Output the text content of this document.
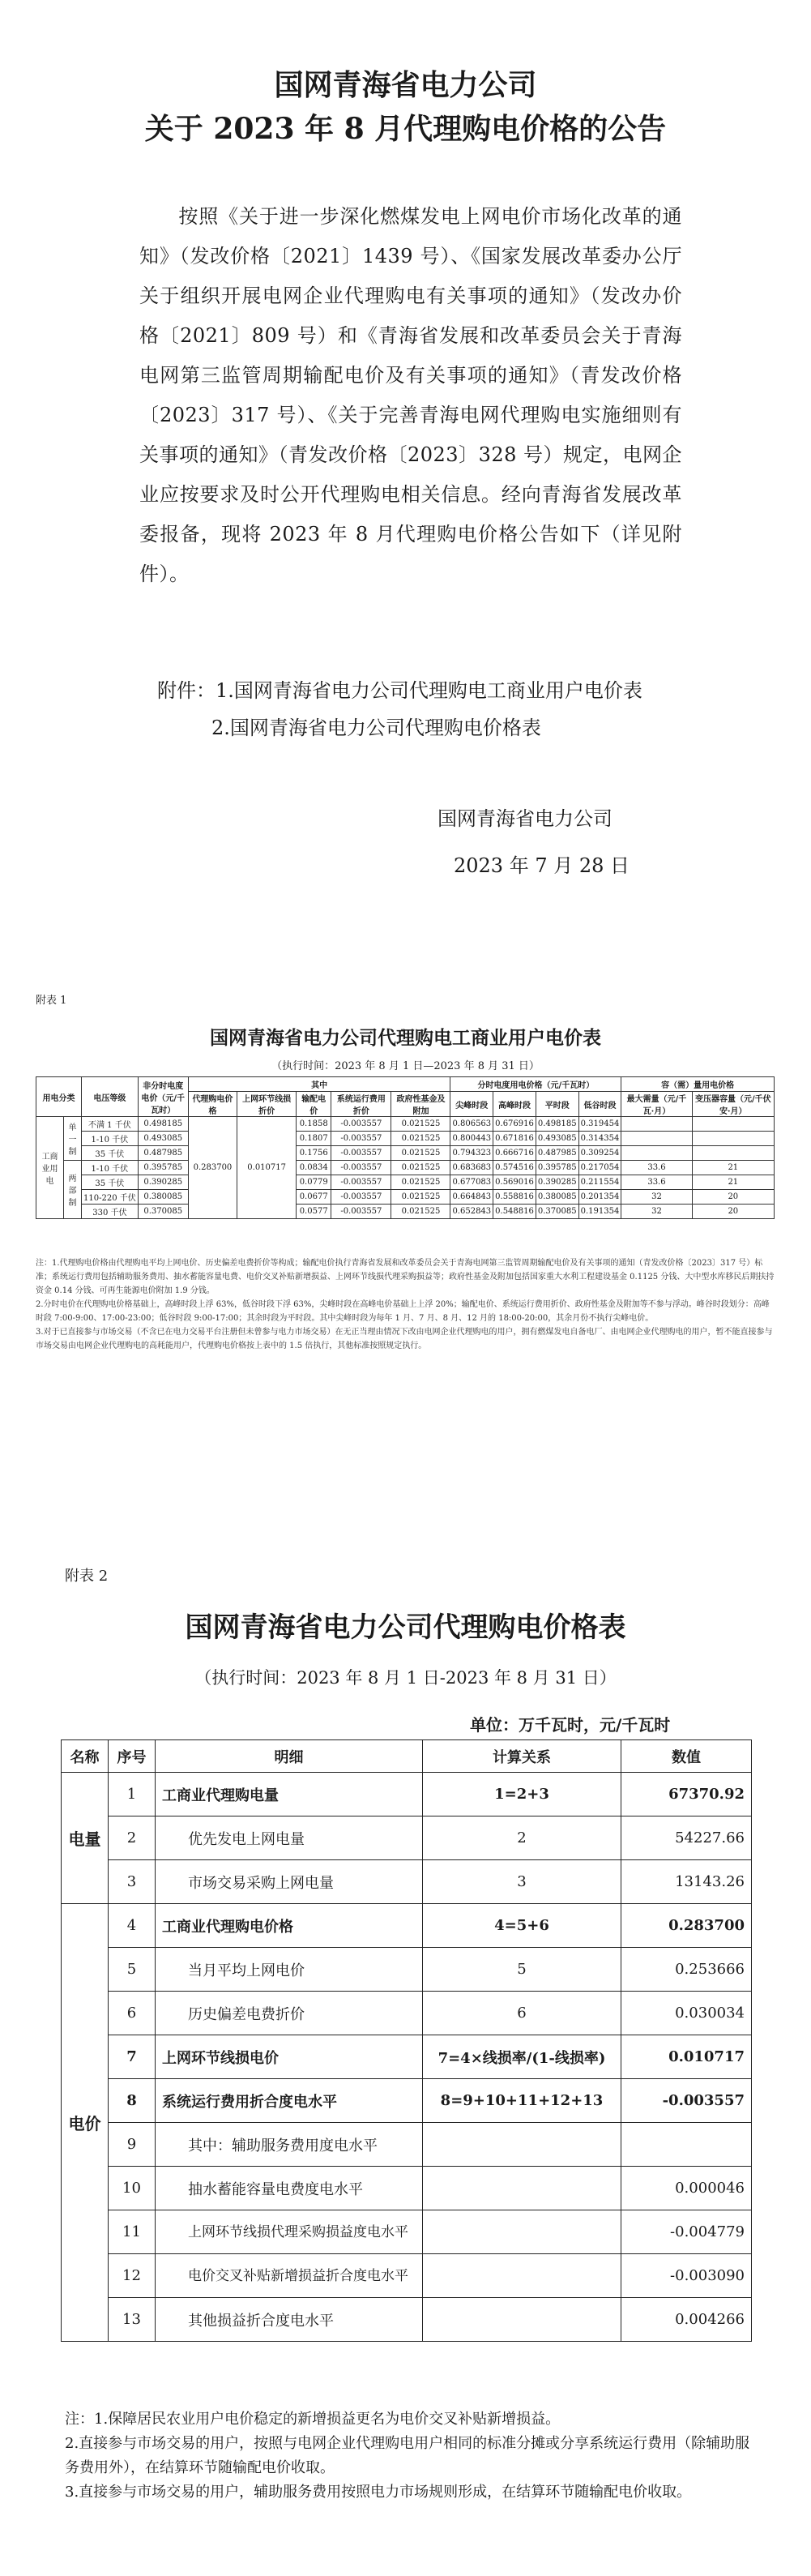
国网青海省电力公司
关于 2023 年 8 月代理购电价格的公告
按照《关于进一步深化燃煤发电上网电价市场化改革的通知》（发改价格〔2021〕1439 号）、《国家发展改革委办公厅关于组织开展电网企业代理购电有关事项的通知》（发改办价格〔2021〕809 号）和《青海省发展和改革委员会关于青海电网第三监管周期输配电价及有关事项的通知》（青发改价格〔2023〕317 号）、《关于完善青海电网代理购电实施细则有关事项的通知》（青发改价格〔2023〕328 号）规定，电网企业应按要求及时公开代理购电相关信息。经向青海省发展改革委报备，现将 2023 年 8 月代理购电价格公告如下（详见附件）。
附件：1.国网青海省电力公司代理购电工商业用户电价表
2.国网青海省电力公司代理购电价格表
国网青海省电力公司
2023 年 7 月 28 日
附表 1
国网青海省电力公司代理购电工商业用户电价表
（执行时间：2023 年 8 月 1 日—2023 年 8 月 31 日）
用电分类		电压等级	非分时电度电价（元/千瓦时）	其中					分时电度用电价格（元/千瓦时）				容（需）量用电价格	
				代理购电价格	上网环节线损折价	输配电价	系统运行费用折价	政府性基金及附加	尖峰时段	高峰时段	平时段	低谷时段	最大需量（元/千瓦·月）	变压器容量（元/千伏安·月）
工商业用电	单一制	不满 1 千伏	0.498185	0.283700	0.010717	0.1858	-0.003557	0.021525	0.806563	0.676916	0.498185	0.319454		
		1-10 千伏	0.493085			0.1807	-0.003557	0.021525	0.800443	0.671816	0.493085	0.314354		
		35 千伏	0.487985			0.1756	-0.003557	0.021525	0.794323	0.666716	0.487985	0.309254		
	两部制	1-10 千伏	0.395785			0.0834	-0.003557	0.021525	0.683683	0.574516	0.395785	0.217054	33.6	21
		35 千伏	0.390285			0.0779	-0.003557	0.021525	0.677083	0.569016	0.390285	0.211554	33.6	21
		110-220 千伏	0.380085			0.0677	-0.003557	0.021525	0.664843	0.558816	0.380085	0.201354	32	20
		330 千伏	0.370085			0.0577	-0.003557	0.021525	0.652843	0.548816	0.370085	0.191354	32	20

注：1.代理购电价格由代理购电平均上网电价、历史偏差电费折价等构成；输配电价执行青海省发展和改革委员会关于青海电网第三监管周期输配电价及有关事项的通知（青发改价格〔2023〕317 号）标准；系统运行费用包括辅助服务费用、抽水蓄能容量电费、电价交叉补贴新增损益、上网环节线损代理采购损益等；政府性基金及附加包括国家重大水利工程建设基金 0.1125 分钱、大中型水库移民后期扶持资金 0.14 分钱、可再生能源电价附加 1.9 分钱。

2.分时电价在代理购电价格基础上，高峰时段上浮 63%，低谷时段下浮 63%，尖峰时段在高峰电价基础上上浮 20%；输配电价、系统运行费用折价、政府性基金及附加等不参与浮动。峰谷时段划分：高峰时段 7:00-9:00、17:00-23:00；低谷时段 9:00-17:00；其余时段为平时段。其中尖峰时段为每年 1 月、7 月、8 月、12 月的 18:00-20:00，其余月份不执行尖峰电价。

3.对于已直接参与市场交易（不含已在电力交易平台注册但未曾参与电力市场交易）在无正当理由情况下改由电网企业代理购电的用户，拥有燃煤发电自备电厂、由电网企业代理购电的用户，暂不能直接参与市场交易由电网企业代理购电的高耗能用户，代理购电价格按上表中的 1.5 倍执行，其他标准按照规定执行。

附表 2
国网青海省电力公司代理购电价格表
（执行时间：2023 年 8 月 1 日-2023 年 8 月 31 日）
单位：万千瓦时，元/千瓦时
名称	序号	明细	计算关系	数值
电量	1	工商业代理购电量	1=2+3	67370.92
	2	优先发电上网电量	2	54227.66
	3	市场交易采购上网电量	3	13143.26
电价	4	工商业代理购电价格	4=5+6	0.283700
	5	当月平均上网电价	5	0.253666
	6	历史偏差电费折价	6	0.030034
	7	上网环节线损电价	7=4×线损率/(1-线损率)	0.010717
	8	系统运行费用折合度电水平	8=9+10+11+12+13	-0.003557
	9	其中：辅助服务费用度电水平		
	10	抽水蓄能容量电费度电水平		0.000046
	11	上网环节线损代理采购损益度电水平		-0.004779
	12	电价交叉补贴新增损益折合度电水平		-0.003090
	13	其他损益折合度电水平		0.004266

注：1.保障居民农业用户电价稳定的新增损益更名为电价交叉补贴新增损益。

2.直接参与市场交易的用户，按照与电网企业代理购电用户相同的标准分摊或分享系统运行费用（除辅助服务费用外），在结算环节随输配电价收取。

3.直接参与市场交易的用户，辅助服务费用按照电力市场规则形成，在结算环节随输配电价收取。
